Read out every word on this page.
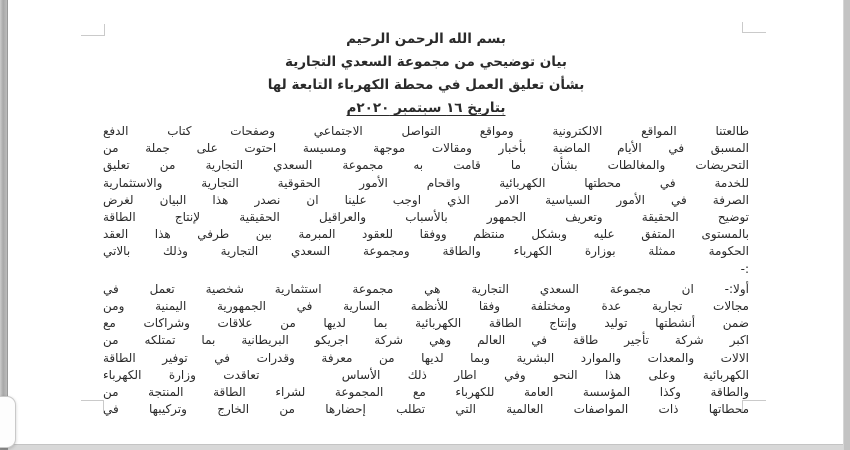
بسم الله الرحمن الرحيم
بيان توضيحي من مجموعة السعدي التجارية
بشأن تعليق العمل في محطة الكهرباء التابعة لها
بتاريخ ١٦ سبتمبر ٢٠٢٠م
طالعتنا المواقع الالكترونية ومواقع التواصل الاجتماعي وصفحات كتاب الدفع
المسبق في الأيام الماضية بأخبار ومقالات موجهة ومسيسة احتوت على جملة من
التحريضات والمغالطات بشأن ما قامت به مجموعة السعدي التجارية من تعليق
للخدمة في محطتها الكهربائية واقحام الأمور الحقوقية التجارية والاستثمارية
الصرفة في الأمور السياسية الامر الذي اوجب علينا ان نصدر هذا البيان لغرض
توضيح الحقيقة وتعريف الجمهور بالأسباب والعراقيل الحقيقية لإنتاج الطاقة
بالمستوى المتفق عليه وبشكل منتظم ووفقا للعقود المبرمة بين طرفي هذا العقد
الحكومة ممثلة بوزارة الكهرباء والطاقة ومجموعة السعدي التجارية وذلك بالاتي
:-
أولا:- ان مجموعة السعدي التجارية هي مجموعة استثمارية شخصية تعمل في
مجالات تجارية عدة ومختلفة وفقا للأنظمة السارية في الجمهورية اليمنية ومن
ضمن أنشطتها توليد وإنتاج الطاقة الكهربائية بما لديها من علاقات وشراكات مع
اكبر شركة تأجير طاقة في العالم وهي شركة اجريكو البريطانية بما تمتلكه من
الالات والمعدات والموارد البشرية وبما لديها من معرفة وقدرات في توفير الطاقة
الكهربائية وعلى هذا النحو وفي اطار ذلك الأساس   تعاقدت وزارة الكهرباء
والطاقة وكذا المؤسسة العامة للكهرباء مع المجموعة لشراء الطاقة المنتجة من
محطاتها ذات المواصفات العالمية التي تطلب إحضارها من الخارج وتركيبها في
